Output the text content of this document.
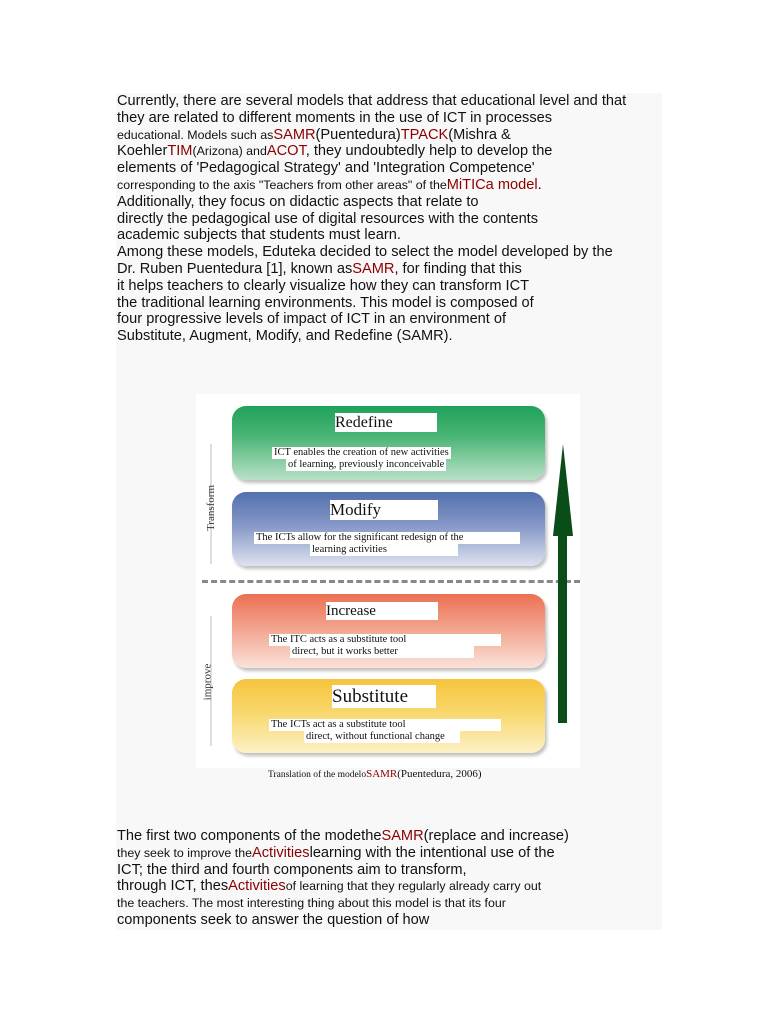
Currently, there are several models that address that educational level and that
they are related to different moments in the use of ICT in processes
educational. Models such asSAMR(Puentedura)TPACK(Mishra &
KoehlerTIM(Arizona) andACOT, they undoubtedly help to develop the
elements of 'Pedagogical Strategy' and 'Integration Competence'
corresponding to the axis "Teachers from other areas" of theMiTICa model.
Additionally, they focus on didactic aspects that relate to
directly the pedagogical use of digital resources with the contents
academic subjects that students must learn.
Among these models, Eduteka decided to select the model developed by the
Dr. Ruben Puentedura [1], known asSAMR, for finding that this
it helps teachers to clearly visualize how they can transform ICT
the traditional learning environments. This model is composed of
four progressive levels of impact of ICT in an environment of
Substitute, Augment, Modify, and Redefine (SAMR).
Transform
improve
Redefine
ICT enables the creation of new activities
of learning, previously inconceivable
Modify
The ICTs allow for the significant redesign of the
learning activities
Increase
The ITC acts as a substitute tool
direct, but it works better
Substitute
The ICTs act as a substitute tool
direct, without functional change
Translation of the modeloSAMR(Puentedura, 2006)
The first two components of the modetheSAMR(replace and increase)
they seek to improve theActivitieslearning with the intentional use of the
ICT; the third and fourth components aim to transform,
through ICT, thesActivitiesof learning that they regularly already carry out
the teachers. The most interesting thing about this model is that its four
components seek to answer the question of how
